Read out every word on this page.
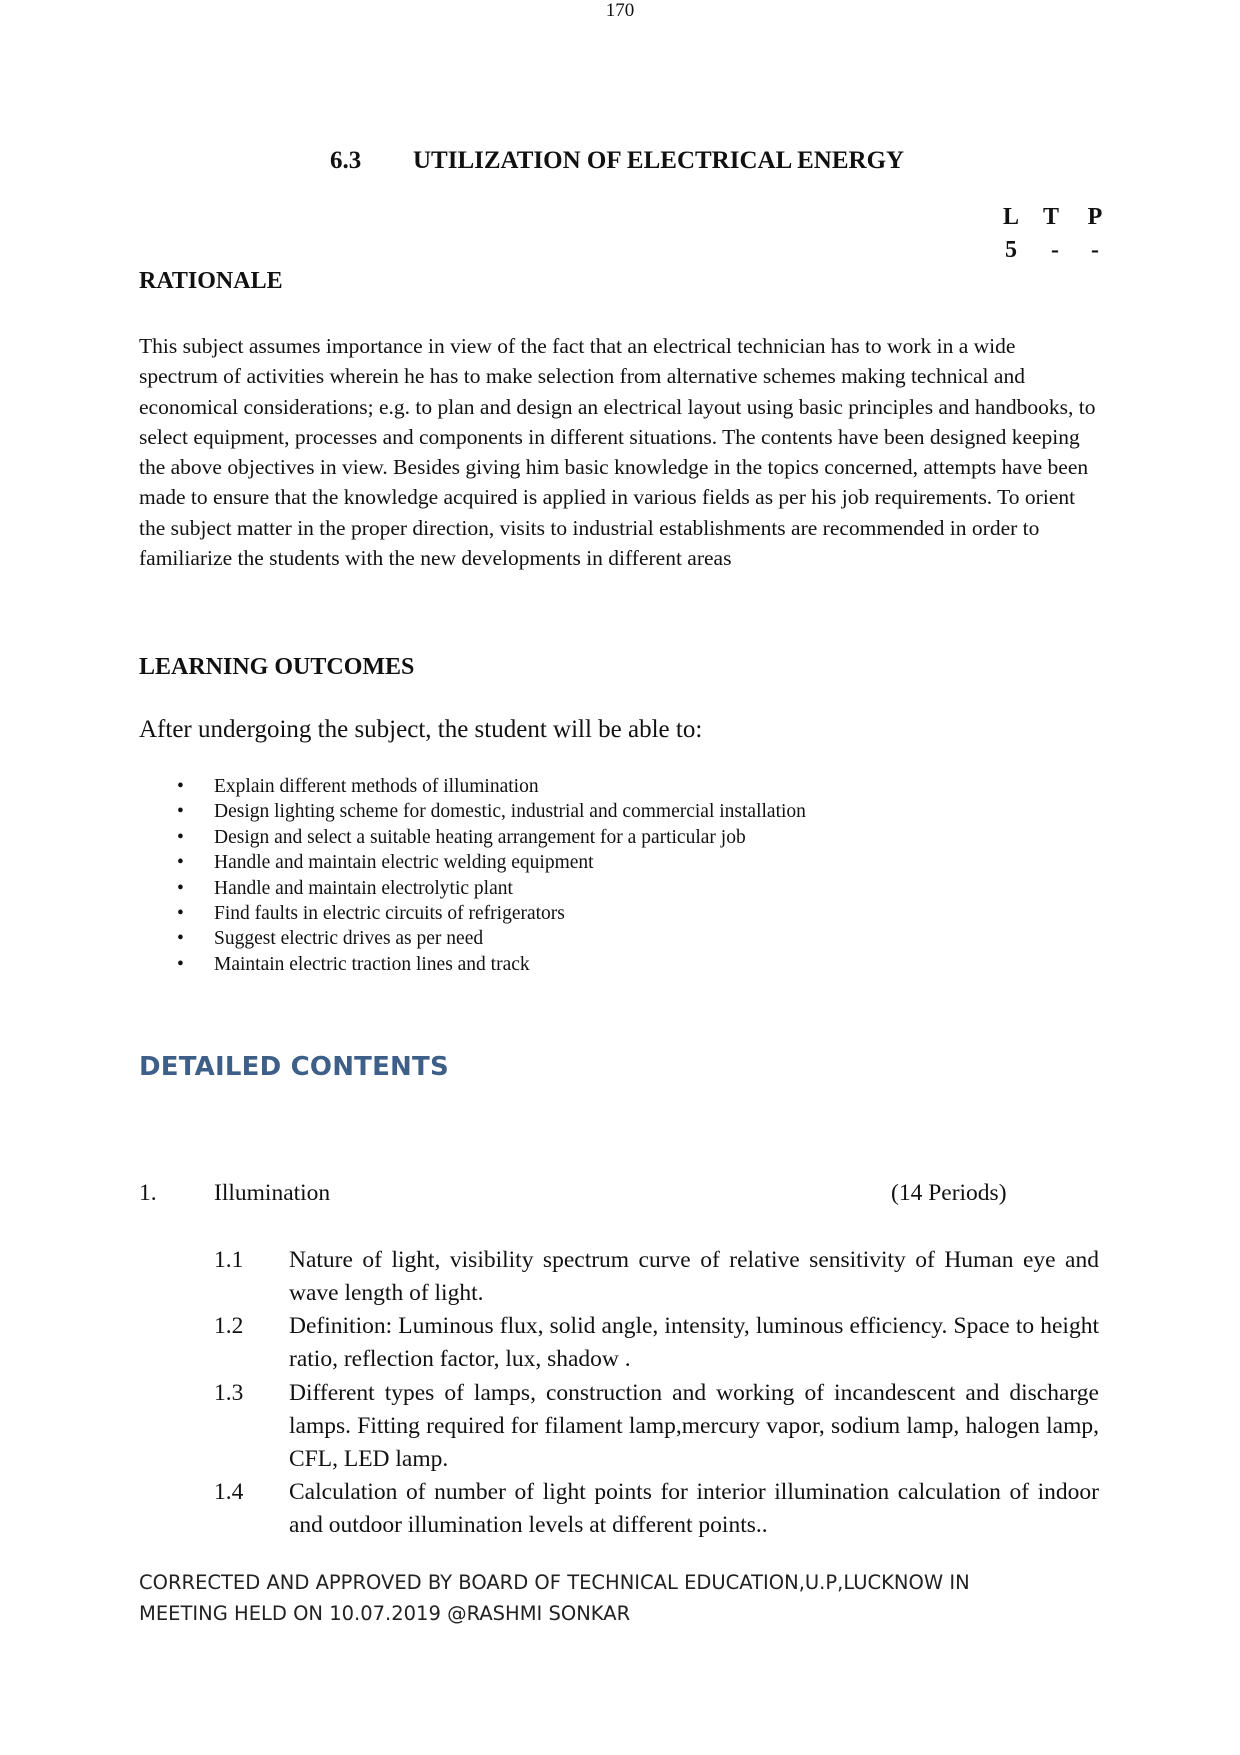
170
6.3 UTILIZATION OF ELECTRICAL ENERGY
L T	P
5	-	-
RATIONALE
This subject assumes importance in view of the fact that an electrical technician has to work in a wide spectrum of activities wherein he has to make selection from alternative schemes making technical and economical considerations; e.g. to plan and design an electrical layout using basic principles and handbooks, to select equipment, processes and components in different situations. The contents have been designed keeping the above objectives in view. Besides giving him basic knowledge in the topics concerned, attempts have been made to ensure that the knowledge acquired is applied in various fields as per his job requirements. To orient the subject matter in the proper direction, visits to industrial establishments are recommended in order to familiarize the students with the new developments in different areas
LEARNING OUTCOMES
After undergoing the subject, the student will be able to:
• Explain different methods of illumination
• Design lighting scheme for domestic, industrial and commercial installation
• Design and select a suitable heating arrangement for a particular job
• Handle and maintain electric welding equipment
• Handle and maintain electrolytic plant
• Find faults in electric circuits of refrigerators
• Suggest electric drives as per need
• Maintain electric traction lines and track
DETAILED CONTENTS
1. Illumination	(14 Periods)
1.1 Nature of light, visibility spectrum curve of relative sensitivity of Human eye and wave length of light.
1.2 Definition: Luminous flux, solid angle, intensity, luminous efficiency. Space to height ratio, reflection factor, lux, shadow .
1.3 Different types of lamps, construction and working of incandescent and discharge lamps. Fitting required for filament lamp,mercury vapor, sodium lamp, halogen lamp, CFL, LED lamp.
1.4 Calculation of number of light points for interior illumination calculation of indoor and outdoor illumination levels at different points..
CORRECTED AND APPROVED BY BOARD OF TECHNICAL EDUCATION,U.P,LUCKNOW IN
MEETING HELD ON 10.07.2019 @RASHMI SONKAR
